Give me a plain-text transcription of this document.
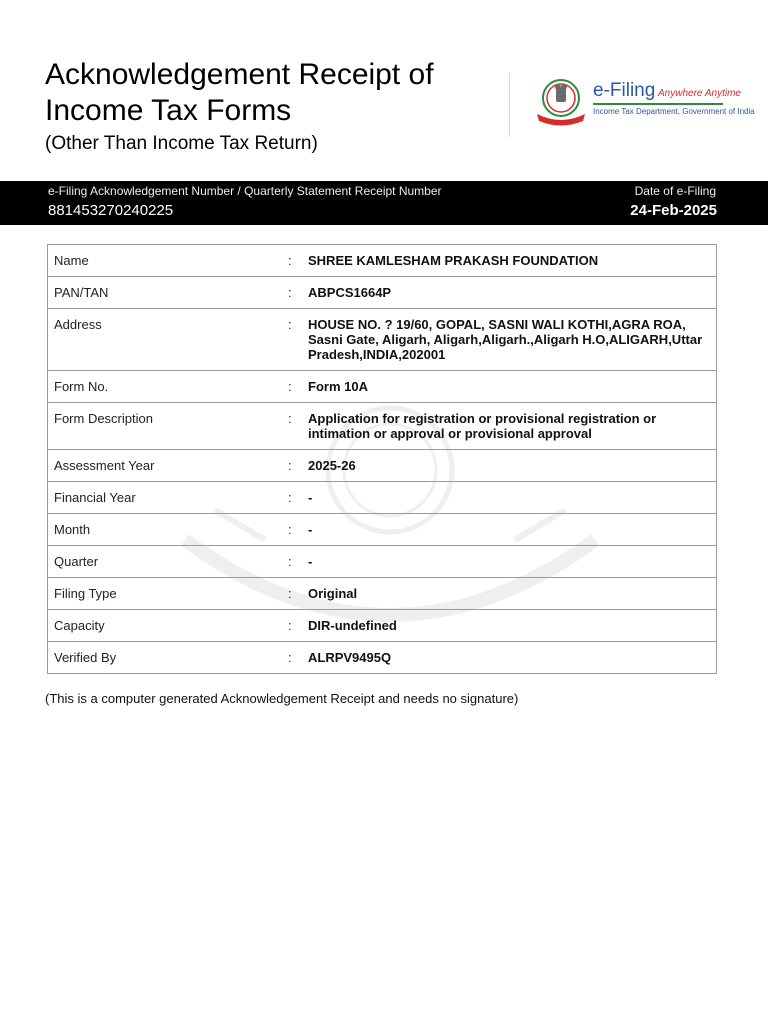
Acknowledgement Receipt of Income Tax Forms
(Other Than Income Tax Return)
e-Filing Anywhere Anytime
Income Tax Department, Government of India
e-Filing Acknowledgement Number / Quarterly Statement Receipt Number
881453270240225
Date of e-Filing
24-Feb-2025
Name	:	SHREE KAMLESHAM PRAKASH FOUNDATION
PAN/TAN	:	ABPCS1664P
Address	:	HOUSE NO. ? 19/60, GOPAL, SASNI WALI KOTHI,AGRA ROA, Sasni Gate, Aligarh, Aligarh,Aligarh.,Aligarh H.O,ALIGARH,Uttar Pradesh,INDIA,202001
Form No.	:	Form 10A
Form Description	:	Application for registration or provisional registration or intimation or approval or provisional approval
Assessment Year	:	2025-26
Financial Year	:	-
Month	:	-
Quarter	:	-
Filing Type	:	Original
Capacity	:	DIR-undefined
Verified By	:	ALRPV9495Q
(This is a computer generated Acknowledgement Receipt and needs no signature)
